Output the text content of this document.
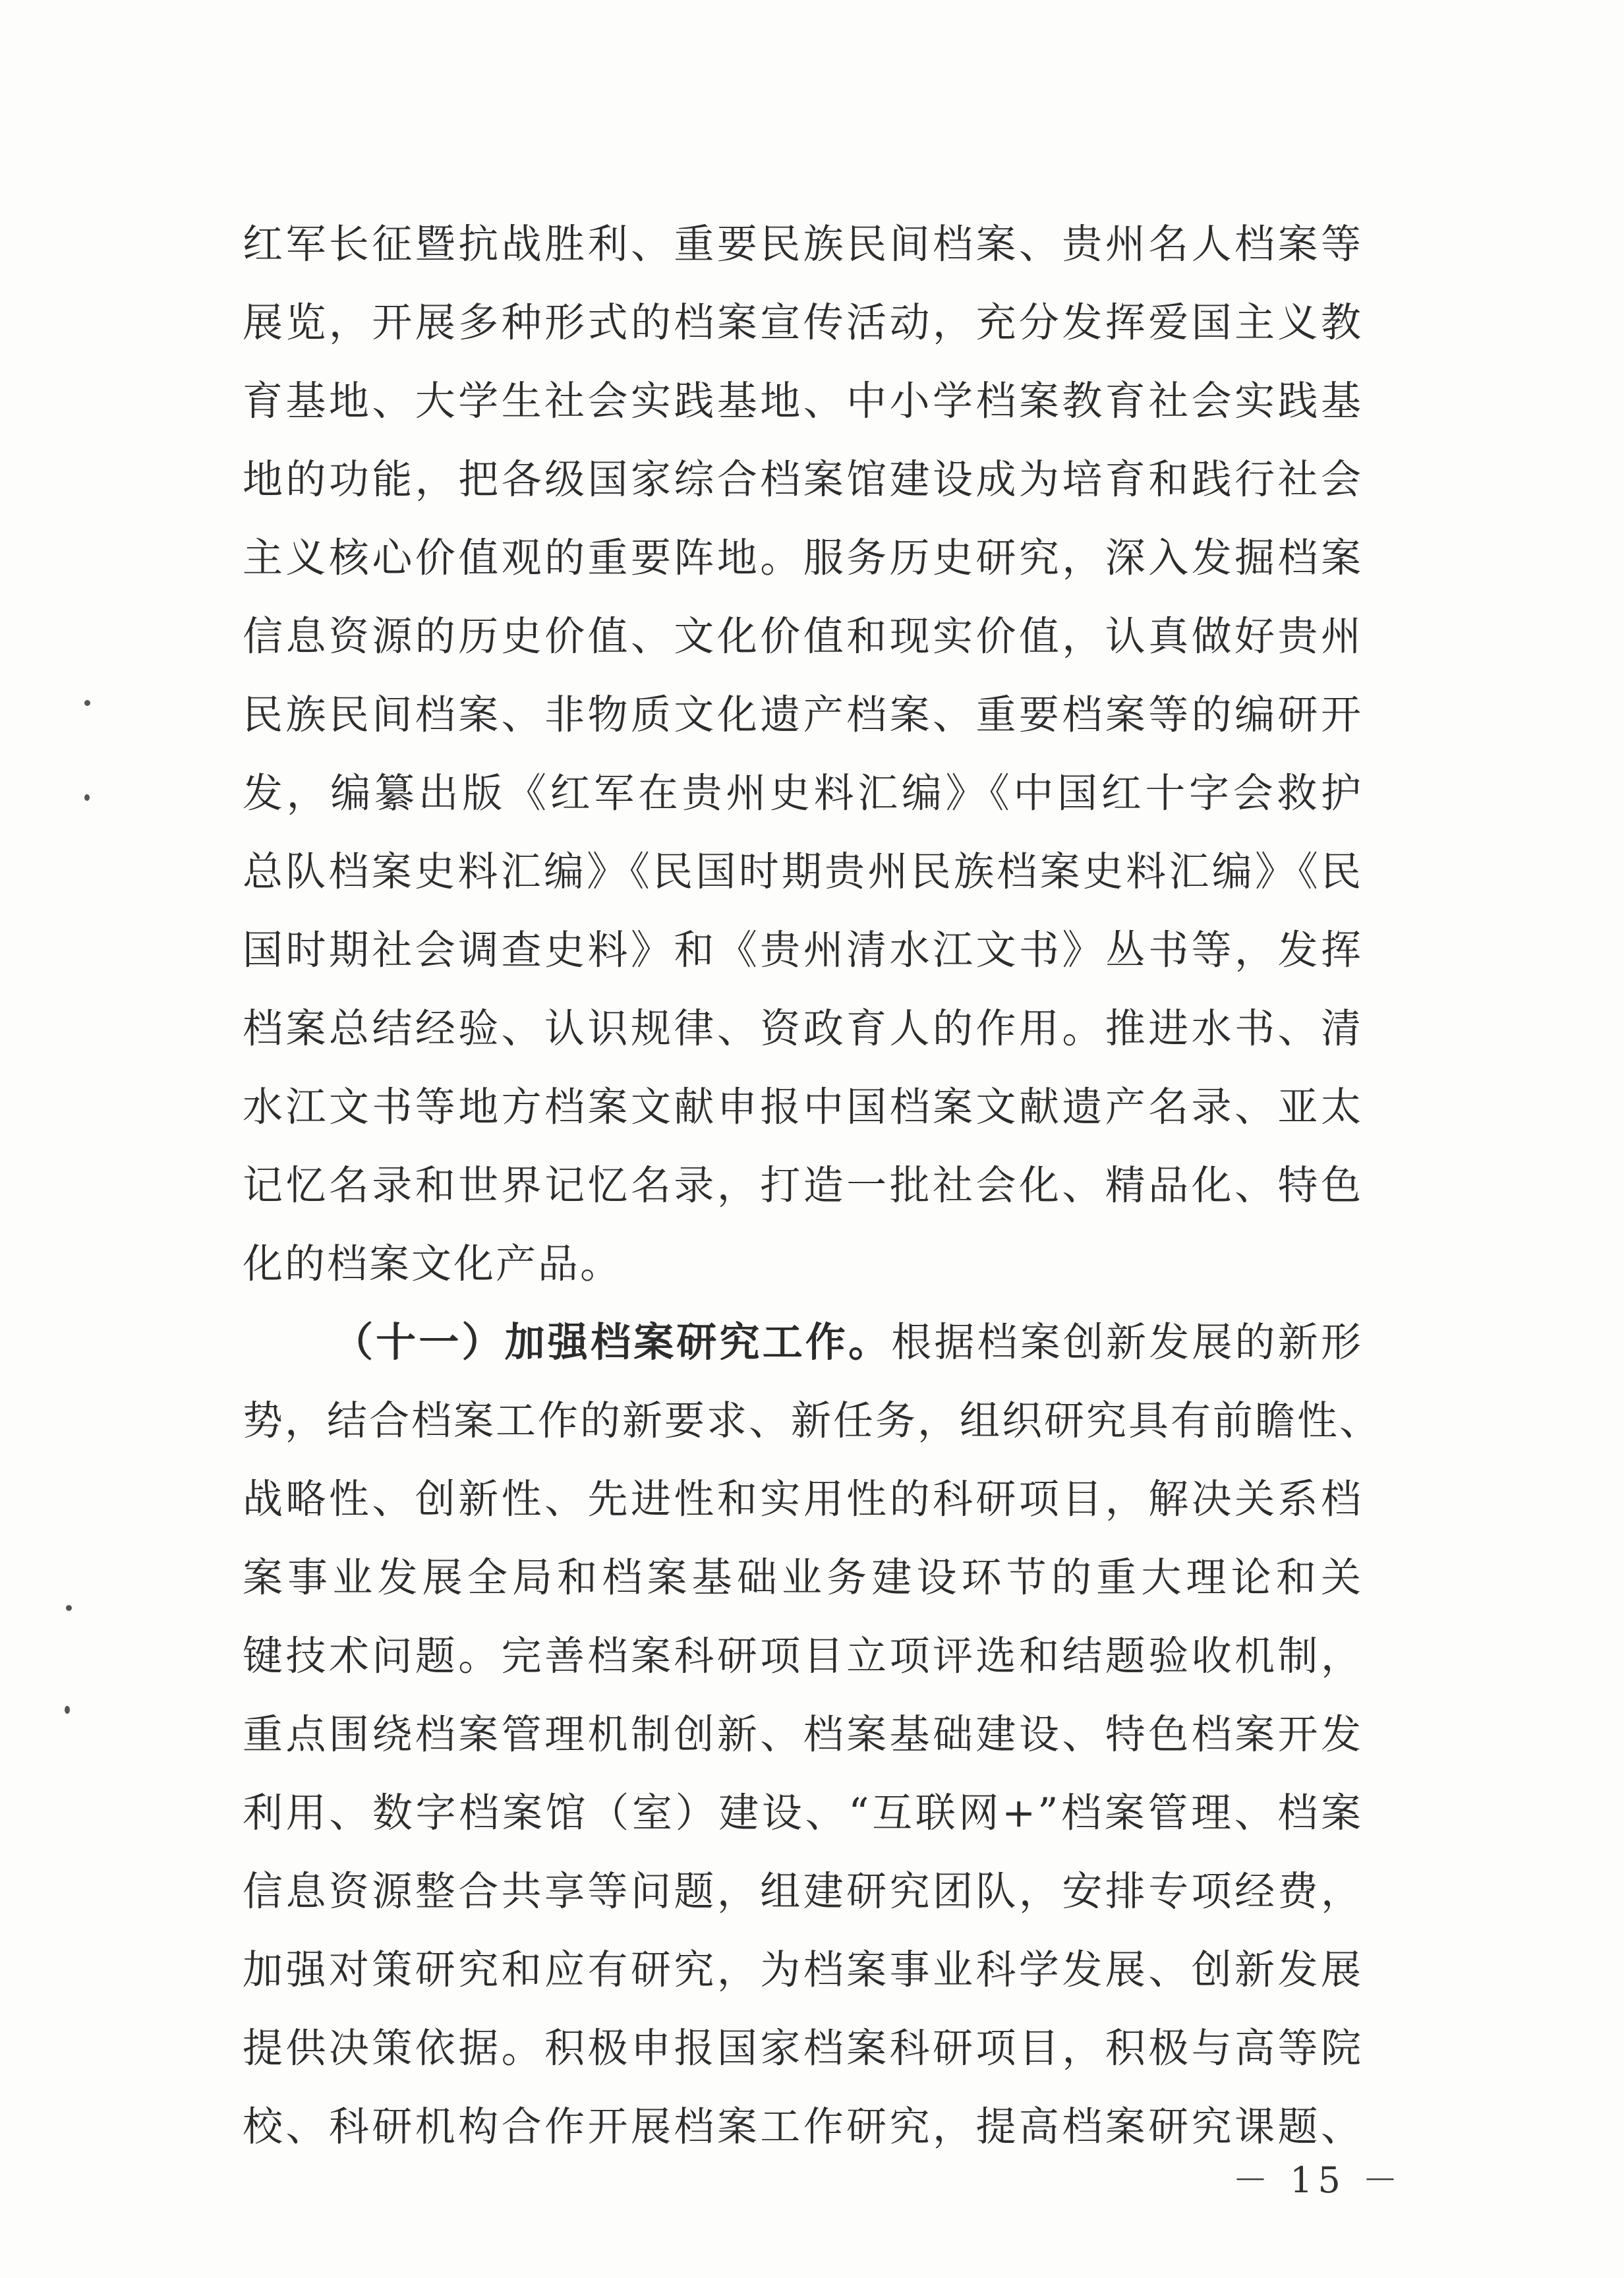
红军长征暨抗战胜利、重要民族民间档案、贵州名人档案等
展览，开展多种形式的档案宣传活动，充分发挥爱国主义教
育基地、大学生社会实践基地、中小学档案教育社会实践基
地的功能，把各级国家综合档案馆建设成为培育和践行社会
主义核心价值观的重要阵地。服务历史研究，深入发掘档案
信息资源的历史价值、文化价值和现实价值，认真做好贵州
民族民间档案、非物质文化遗产档案、重要档案等的编研开
发，编纂出版《红军在贵州史料汇编》《中国红十字会救护
总队档案史料汇编》《民国时期贵州民族档案史料汇编》《民
国时期社会调查史料》和《贵州清水江文书》丛书等，发挥
档案总结经验、认识规律、资政育人的作用。推进水书、清
水江文书等地方档案文献申报中国档案文献遗产名录、亚太
记忆名录和世界记忆名录，打造一批社会化、精品化、特色
化的档案文化产品。
（十一）加强档案研究工作。根据档案创新发展的新形
势，结合档案工作的新要求、新任务，组织研究具有前瞻性、
战略性、创新性、先进性和实用性的科研项目，解决关系档
案事业发展全局和档案基础业务建设环节的重大理论和关
键技术问题。完善档案科研项目立项评选和结题验收机制，
重点围绕档案管理机制创新、档案基础建设、特色档案开发
利用、数字档案馆（室）建设、“互联网+”档案管理、档案
信息资源整合共享等问题，组建研究团队，安排专项经费，
加强对策研究和应有研究，为档案事业科学发展、创新发展
提供决策依据。积极申报国家档案科研项目，积极与高等院
校、科研机构合作开展档案工作研究，提高档案研究课题、
－ 15 －
